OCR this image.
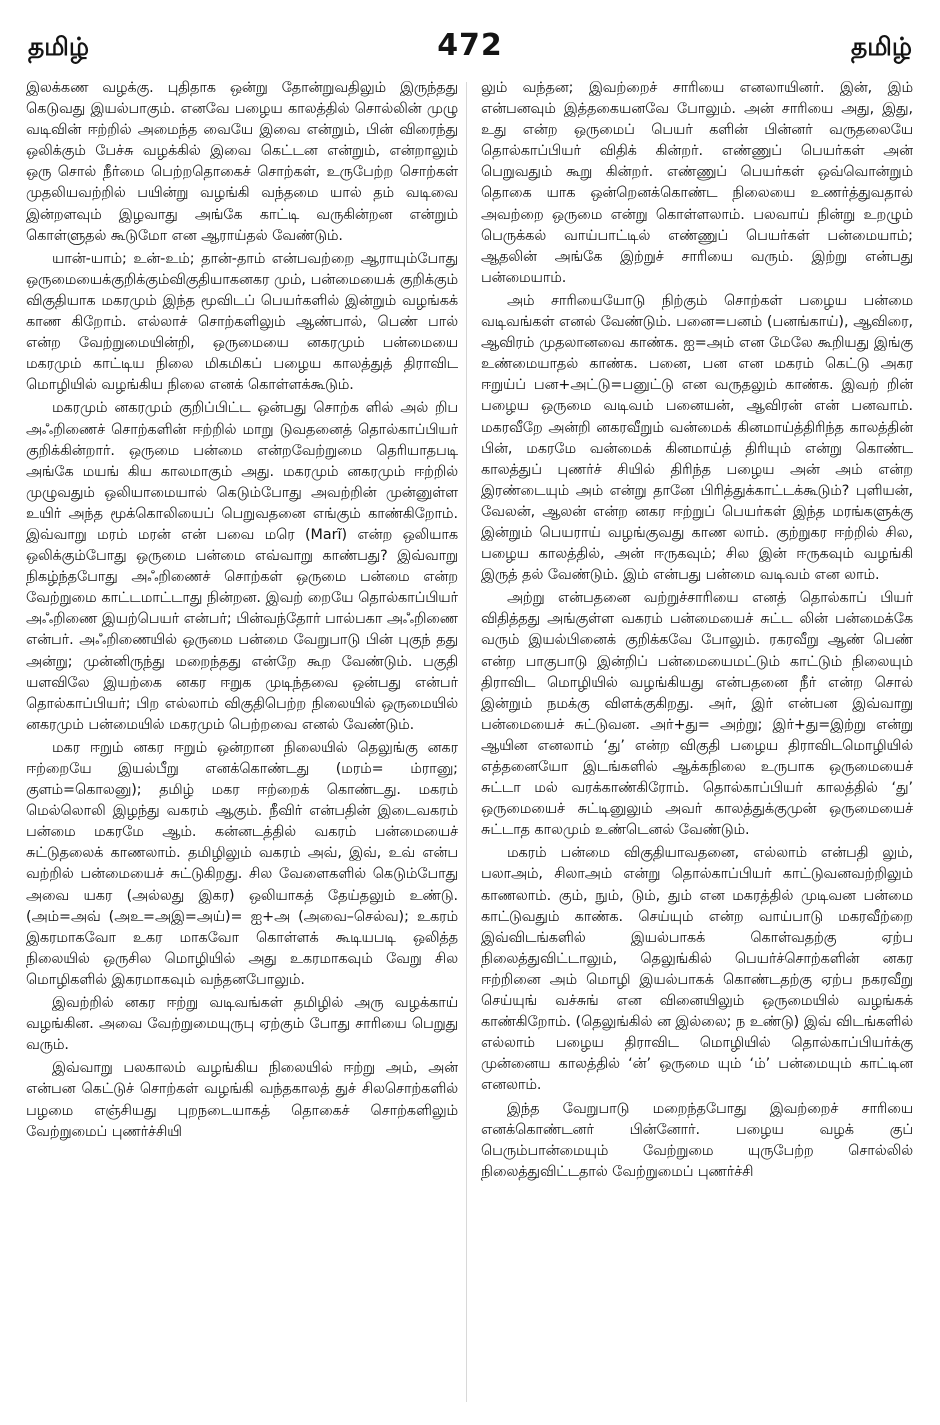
தமிழ்	472	தமிழ்

இலக்கண வழக்கு. புதிதாக ஒன்று தோன்றுவதிலும் இருந்தது கெடுவது இயல்பாகும். எனவே பழைய காலத்தில் சொல்லின் முழு வடிவின் ஈற்றில் அமைந்த வையே இவை என்றும், பின் விரைந்து ஒலிக்கும் பேச்சு வழக்கில் இவை கெட்டன என்றும், என்றாலும் ஒரு சொல் நீர்மை பெற்றதொகைச் சொற்கள், உருபேற்ற சொற்கள் முதலியவற்றில் பயின்று வழங்கி வந்தமை யால் தம் வடிவை இன்றளவும் இழவாது அங்கே காட்டி வருகின்றன என்றும் கொள்ளுதல் கூடுமோ என ஆராய்தல் வேண்டும்.

யான்-யாம்; உன்-உம்; தான்-தாம் என்பவற்றை ஆராயும்போது ஒருமையைக்குறிக்கும்விகுதியாகனகர மும், பன்மையைக் குறிக்கும் விகுதியாக மகரமும் இந்த மூவிடப் பெயர்களில் இன்றும் வழங்கக் காண கிறோம். எல்லாச் சொற்களிலும் ஆண்பால், பெண் பால் என்ற வேற்றுமையின்றி, ஒருமையை னகரமும் பன்மையை மகரமும் காட்டிய நிலை மிகமிகப் பழைய காலத்துத் திராவிட மொழியில் வழங்கிய நிலை எனக் கொள்ளக்கூடும்.

மகரமும் னகரமும் குறிப்பிட்ட ஒன்பது சொற்க ளில் அல் றிப அஃறிணைச் சொற்களின் ஈற்றில் மாறு டுவதனைத் தொல்காப்பியர் குறிக்கின்றார். ஒருமை பன்மை என்றவேற்றுமை தெரியாதபடி அங்கே மயங் கிய காலமாகும் அது. மகரமும் னகரமும் ஈற்றில் முழுவதும் ஒலியாமையால் கெடும்போது அவற்றின் முன்னுள்ள உயிர் அந்த மூக்கொலியைப் பெறுவதனை எங்கும் காண்கிறோம். இவ்வாறு மரம் மரன் என் பவை மரெ (Marĩ) என்ற ஒலியாக ஒலிக்கும்போது ஒருமை பன்மை எவ்வாறு காண்பது? இவ்வாறு நிகழ்ந்தபோது அஃறிணைச் சொற்கள் ஒருமை பன்மை என்ற வேற்றுமை காட்டமாட்டாது நின்றன. இவற் றையே தொல்காப்பியர் அஃறிணை இயற்பெயர் என்பர்; பின்வந்தோர் பால்பகா அஃறிணை என்பர். அஃறிணையில் ஒருமை பன்மை வேறுபாடு பின் புகுந் தது அன்று; முன்னிருந்து மறைந்தது என்றே கூற வேண்டும். பகுதி யளவிலே இயற்கை னகர ஈறுக முடிந்தவை ஒன்பது என்பர் தொல்காப்பியர்; பிற எல்லாம் விகுதிபெற்ற நிலையில் ஒருமையில் னகரமும் பன்மையில் மகரமும் பெற்றவை எனல் வேண்டும்.

மகர ஈறும் னகர ஈறும் ஒன்றான நிலையில் தெலுங்கு னகர ஈற்றையே இயல்பீறு எனக்கொண்டது (மரம்= ம்ரானு; குளம்=கொலனு); தமிழ் மகர ஈற்றைக் கொண்டது. மகரம் மெல்லொலி இழந்து வகரம் ஆகும். நீவிர் என்பதின் இடைவகரம் பன்மை மகரமே ஆம். கன்னடத்தில் வகரம் பன்மையைச் சுட்டுதலைக் காணலாம். தமிழிலும் வகரம் அவ், இவ், உவ் என்ப வற்றில் பன்மையைச் சுட்டுகிறது. சில வேளைகளில் கெடும்போது அவை யகர (அல்லது இகர) ஒலியாகத் தேய்தலும் உண்டு. (அம்=அவ் (அஉ=அஇ=அய்)= ஐ+அ (அவை–செல்வ); உகரம் இகரமாகவோ உகர மாகவோ கொள்ளக் கூடியபடி ஒலித்த நிலையில் ஒருசில மொழியில் அது உகரமாகவும் வேறு சில மொழிகளில் இகரமாகவும் வந்தனபோலும்.

இவற்றில் னகர ஈற்று வடிவங்கள் தமிழில் அரு வழக்காய் வழங்கின. அவை வேற்றுமையுருபு ஏற்கும் போது சாரியை பெறுது வரும்.

இவ்வாறு பலகாலம் வழங்கிய நிலையில் ஈற்று அம், அன் என்பன கெட்டுச் சொற்கள் வழங்கி வந்தகாலத் துச் சிலசொற்களில் பழமை எஞ்சியது புறநடையாகத் தொகைச் சொற்களிலும் வேற்றுமைப் புணர்ச்சியி

லும் வந்தன; இவற்றைச் சாரியை எனலாயினர். இன், இம் என்பனவும் இத்தகையனவே போலும். அன் சாரியை அது, இது, உது என்ற ஒருமைப் பெயர் களின் பின்னர் வருதலையே தொல்காப்பியர் விதிக் கின்றர். எண்ணுப் பெயர்கள் அன் பெறுவதும் கூறு கின்றர். எண்ணுப் பெயர்கள் ஒவ்வொன்றும் தொகை யாக ஒன்றெனக்கொண்ட நிலையை உணர்த்துவதால் அவற்றை ஒருமை என்று கொள்ளலாம். பலவாய் நின்று உறழும் பெருக்கல் வாய்பாட்டில் எண்ணுப் பெயர்கள் பன்மையாம்; ஆதலின் அங்கே இற்றுச் சாரியை வரும். இற்று என்பது பன்மையாம்.

அம் சாரியையோடு நிற்கும் சொற்கள் பழைய பன்மை வடிவங்கள் எனல் வேண்டும். பனை=பனம் (பனங்காய்), ஆவிரை, ஆவிரம் முதலானவை காண்க. ஐ=அம் என மேலே கூறியது இங்கு உண்மையாதல் காண்க. பனை, பன என மகரம் கெட்டு அகர ஈறுய்ப் பன+அட்டு=பனுட்டு என வருதலும் காண்க. இவற் றின் பழைய ஒருமை வடிவம் பனையன், ஆவிரன் என் பனவாம். மகரவீறே அன்றி னகரவீறும் வன்மைக் கினமாய்த்திரிந்த காலத்தின் பின், மகரமே வன்மைக் கினமாய்த் திரியும் என்று கொண்ட காலத்துப் புணர்ச் சியில் திரிந்த பழைய அன் அம் என்ற இரண்டையும் அம் என்று தானே பிரித்துக்காட்டக்கூடும்? புளியன், வேலன், ஆலன் என்ற னகர ஈற்றுப் பெயர்கள் இந்த மரங்களுக்கு இன்றும் பெயராய் வழங்குவது காண லாம். குற்றுகர ஈற்றில் சில, பழைய காலத்தில், அன் ஈருகவும்; சில இன் ஈருகவும் வழங்கி இருத் தல் வேண்டும். இம் என்பது பன்மை வடிவம் என லாம்.

அற்று என்பதனை வற்றுச்சாரியை எனத் தொல்காப் பியர் விதித்தது அங்குள்ள வகரம் பன்மையைச் சுட்ட லின் பன்மைக்கே வரும் இயல்பினைக் குறிக்கவே போலும். ரகரவீறு ஆண் பெண் என்ற பாகுபாடு இன்றிப் பன்மையைமட்டும் காட்டும் நிலையும் திராவிட மொழியில் வழங்கியது என்பதனை நீர் என்ற சொல் இன்றும் நமக்கு விளக்குகிறது. அர், இர் என்பன இவ்வாறு பன்மையைச் சுட்டுவன. அர்+து= அற்று; இர்+து=இற்று என்று ஆயின எனலாம் ‘து’ என்ற விகுதி பழைய திராவிடமொழியில் எத்தனையோ இடங்களில் ஆக்கநிலை உருபாக ஒருமையைச் சுட்டா மல் வரக்காண்கிரோம். தொல்காப்பியர் காலத்தில் ‘து’ ஒருமையைச் சுட்டினுலும் அவர் காலத்துக்குமுன் ஒருமையைச் சுட்டாத காலமும் உண்டெனல் வேண்டும்.

மகரம் பன்மை விகுதியாவதனை, எல்லாம் என்பதி லும், பலாஅம், சிலாஅம் என்று தொல்காப்பியர் காட்டுவனவற்றிலும் காணலாம். கும், நும், டும், தும் என மகரத்தில் முடிவன பன்மை காட்டுவதும் காண்க. செய்யும் என்ற வாய்பாடு மகரவீற்றை இவ்விடங்களில் இயல்பாகக் கொள்வதற்கு ஏற்ப நிலைத்துவிட்டாலும், தெலுங்கில் பெயர்ச்சொற்களின் னகர ஈற்றினை அம் மொழி இயல்பாகக் கொண்டதற்கு ஏற்ப நகரவீறு செய்யுங் வச்சுங் என வினையிலும் ஒருமையில் வழங்கக் காண்கிறோம். (தெலுங்கில் ன இல்லை; ந உண்டு) இவ் விடங்களில் எல்லாம் பழைய திராவிட மொழியில் தொல்காப்பியர்க்கு முன்னைய காலத்தில் ‘ன்’ ஒருமை யும் ‘ம்’ பன்மையும் காட்டின எனலாம்.

இந்த வேறுபாடு மறைந்தபோது இவற்றைச் சாரியை எனக்கொண்டனர் பின்னோர். பழைய வழக் குப் பெரும்பான்மையும் வேற்றுமை யுருபேற்ற சொல்லில் நிலைத்துவிட்டதால் வேற்றுமைப் புணர்ச்சி
